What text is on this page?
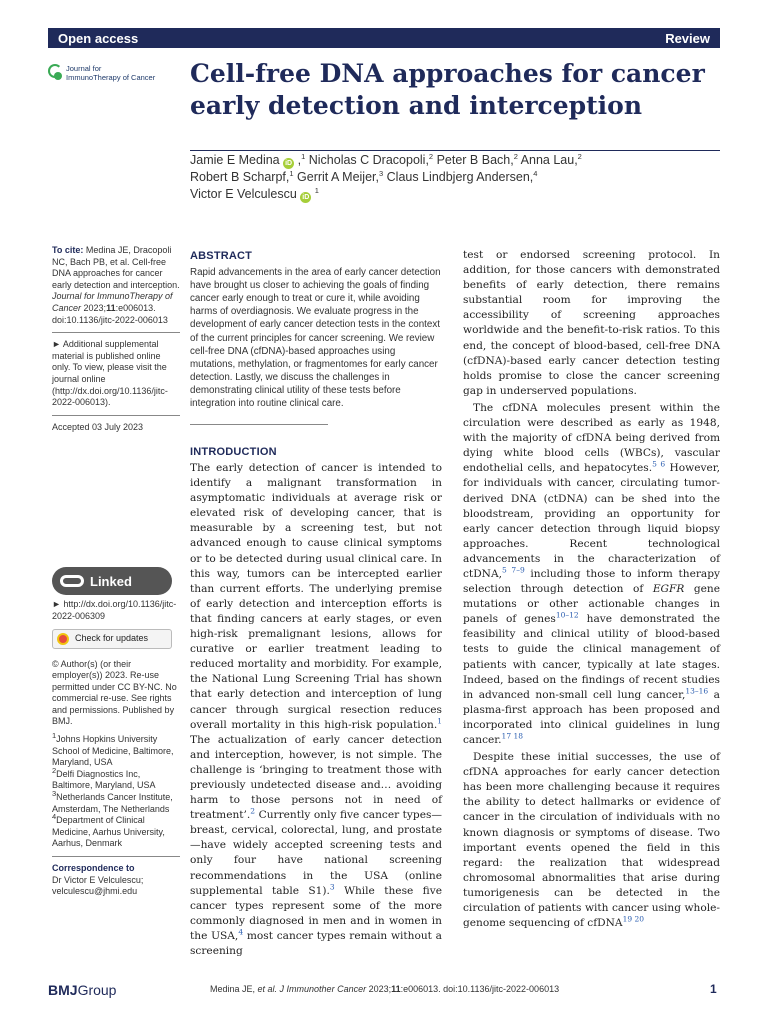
Open access	Review
Journal for
ImmunoTherapy of Cancer Cell-free DNA approaches for cancer early detection and interception
Jamie E Medina iD ,$^1$ Nicholas C Dracopoli,$^2$ Peter B Bach,$^2$ Anna Lau,$^2$
Robert B Scharpf,$^1$ Gerrit A Meijer,$^3$ Claus Lindbjerg Andersen,$^4$
Victor E Velculescu iD $^1$
To cite: Medina JE, Dracopoli NC, Bach PB, et al. Cell-free DNA approaches for cancer early detection and interception. Journal for ImmunoTherapy of Cancer 2023;11:e006013. doi:10.1136/jitc-2022-006013
► Additional supplemental material is published online only. To view, please visit the journal online (http://dx.doi.org/10.1136/jitc-2022-006013).
Accepted 03 July 2023
Linked
► http://dx.doi.org/10.1136/jitc-2022-006309
Check for updates
© Author(s) (or their employer(s)) 2023. Re-use permitted under CC BY-NC. No commercial re-use. See rights and permissions. Published by BMJ.
$^1$Johns Hopkins University School of Medicine, Baltimore, Maryland, USA
$^2$Delfi Diagnostics Inc, Baltimore, Maryland, USA
$^3$Netherlands Cancer Institute, Amsterdam, The Netherlands
$^4$Department of Clinical Medicine, Aarhus University, Aarhus, Denmark
Correspondence to
Dr Victor E Velculescu;
velculescu@jhmi.edu
ABSTRACT

Rapid advancements in the area of early cancer detection have brought us closer to achieving the goals of finding cancer early enough to treat or cure it, while avoiding harms of overdiagnosis. We evaluate progress in the development of early cancer detection tests in the context of the current principles for cancer screening. We review cell-free DNA (cfDNA)-based approaches using mutations, methylation, or fragmentomes for early cancer detection. Lastly, we discuss the challenges in demonstrating clinical utility of these tests before integration into routine clinical care.

INTRODUCTION

The early detection of cancer is intended to identify a malignant transformation in asymptomatic individuals at average risk or elevated risk of developing cancer, that is measurable by a screening test, but not advanced enough to cause clinical symptoms or to be detected during usual clinical care. In this way, tumors can be intercepted earlier than current efforts. The underlying premise of early detection and interception efforts is that finding cancers at early stages, or even high-risk premalignant lesions, allows for curative or earlier treatment leading to reduced mortality and morbidity. For example, the National Lung Screening Trial has shown that early detection and interception of lung cancer through surgical resection reduces overall mortality in this high-risk population.$^1$ The actualization of early cancer detection and interception, however, is not simple. The challenge is ‘bringing to treatment those with previously undetected disease and… avoiding harm to those persons not in need of treatment’.$^2$ Currently only five cancer types—breast, cervical, colorectal, lung, and prostate—have widely accepted screening tests and only four have national screening recommendations in the USA (online supplemental table S1).$^3$ While these five cancer types represent some of the more commonly diagnosed in men and in women in the USA,$^4$ most cancer types remain without a screening

test or endorsed screening protocol. In addition, for those cancers with demonstrated benefits of early detection, there remains substantial room for improving the accessibility of screening approaches worldwide and the benefit-to-risk ratios. To this end, the concept of blood-based, cell-free DNA (cfDNA)-based early cancer detection testing holds promise to close the cancer screening gap in underserved populations.

The cfDNA molecules present within the circulation were described as early as 1948, with the majority of cfDNA being derived from dying white blood cells (WBCs), vascular endothelial cells, and hepatocytes.$^{5 6}$ However, for individuals with cancer, circulating tumor-derived DNA (ctDNA) can be shed into the bloodstream, providing an opportunity for early cancer detection through liquid biopsy approaches. Recent technological advancements in the characterization of ctDNA,$^{5 7-9}$ including those to inform therapy selection through detection of EGFR gene mutations or other actionable changes in panels of genes$^{10-12}$ have demonstrated the feasibility and clinical utility of blood-based tests to guide the clinical management of patients with cancer, typically at late stages. Indeed, based on the findings of recent studies in advanced non-small cell lung cancer,$^{13-16}$ a plasma-first approach has been proposed and incorporated into clinical guidelines in lung cancer.$^{17 18}$

Despite these initial successes, the use of cfDNA approaches for early cancer detection has been more challenging because it requires the ability to detect hallmarks or evidence of cancer in the circulation of individuals with no known diagnosis or symptoms of disease. Two important events opened the field in this regard: the realization that widespread chromosomal abnormalities that arise during tumorigenesis can be detected in the circulation of patients with cancer using whole-genome sequencing of cfDNA$^{19 20}$

BMJGroup	Medina JE, et al. J Immunother Cancer 2023;11:e006013. doi:10.1136/jitc-2022-006013	1
